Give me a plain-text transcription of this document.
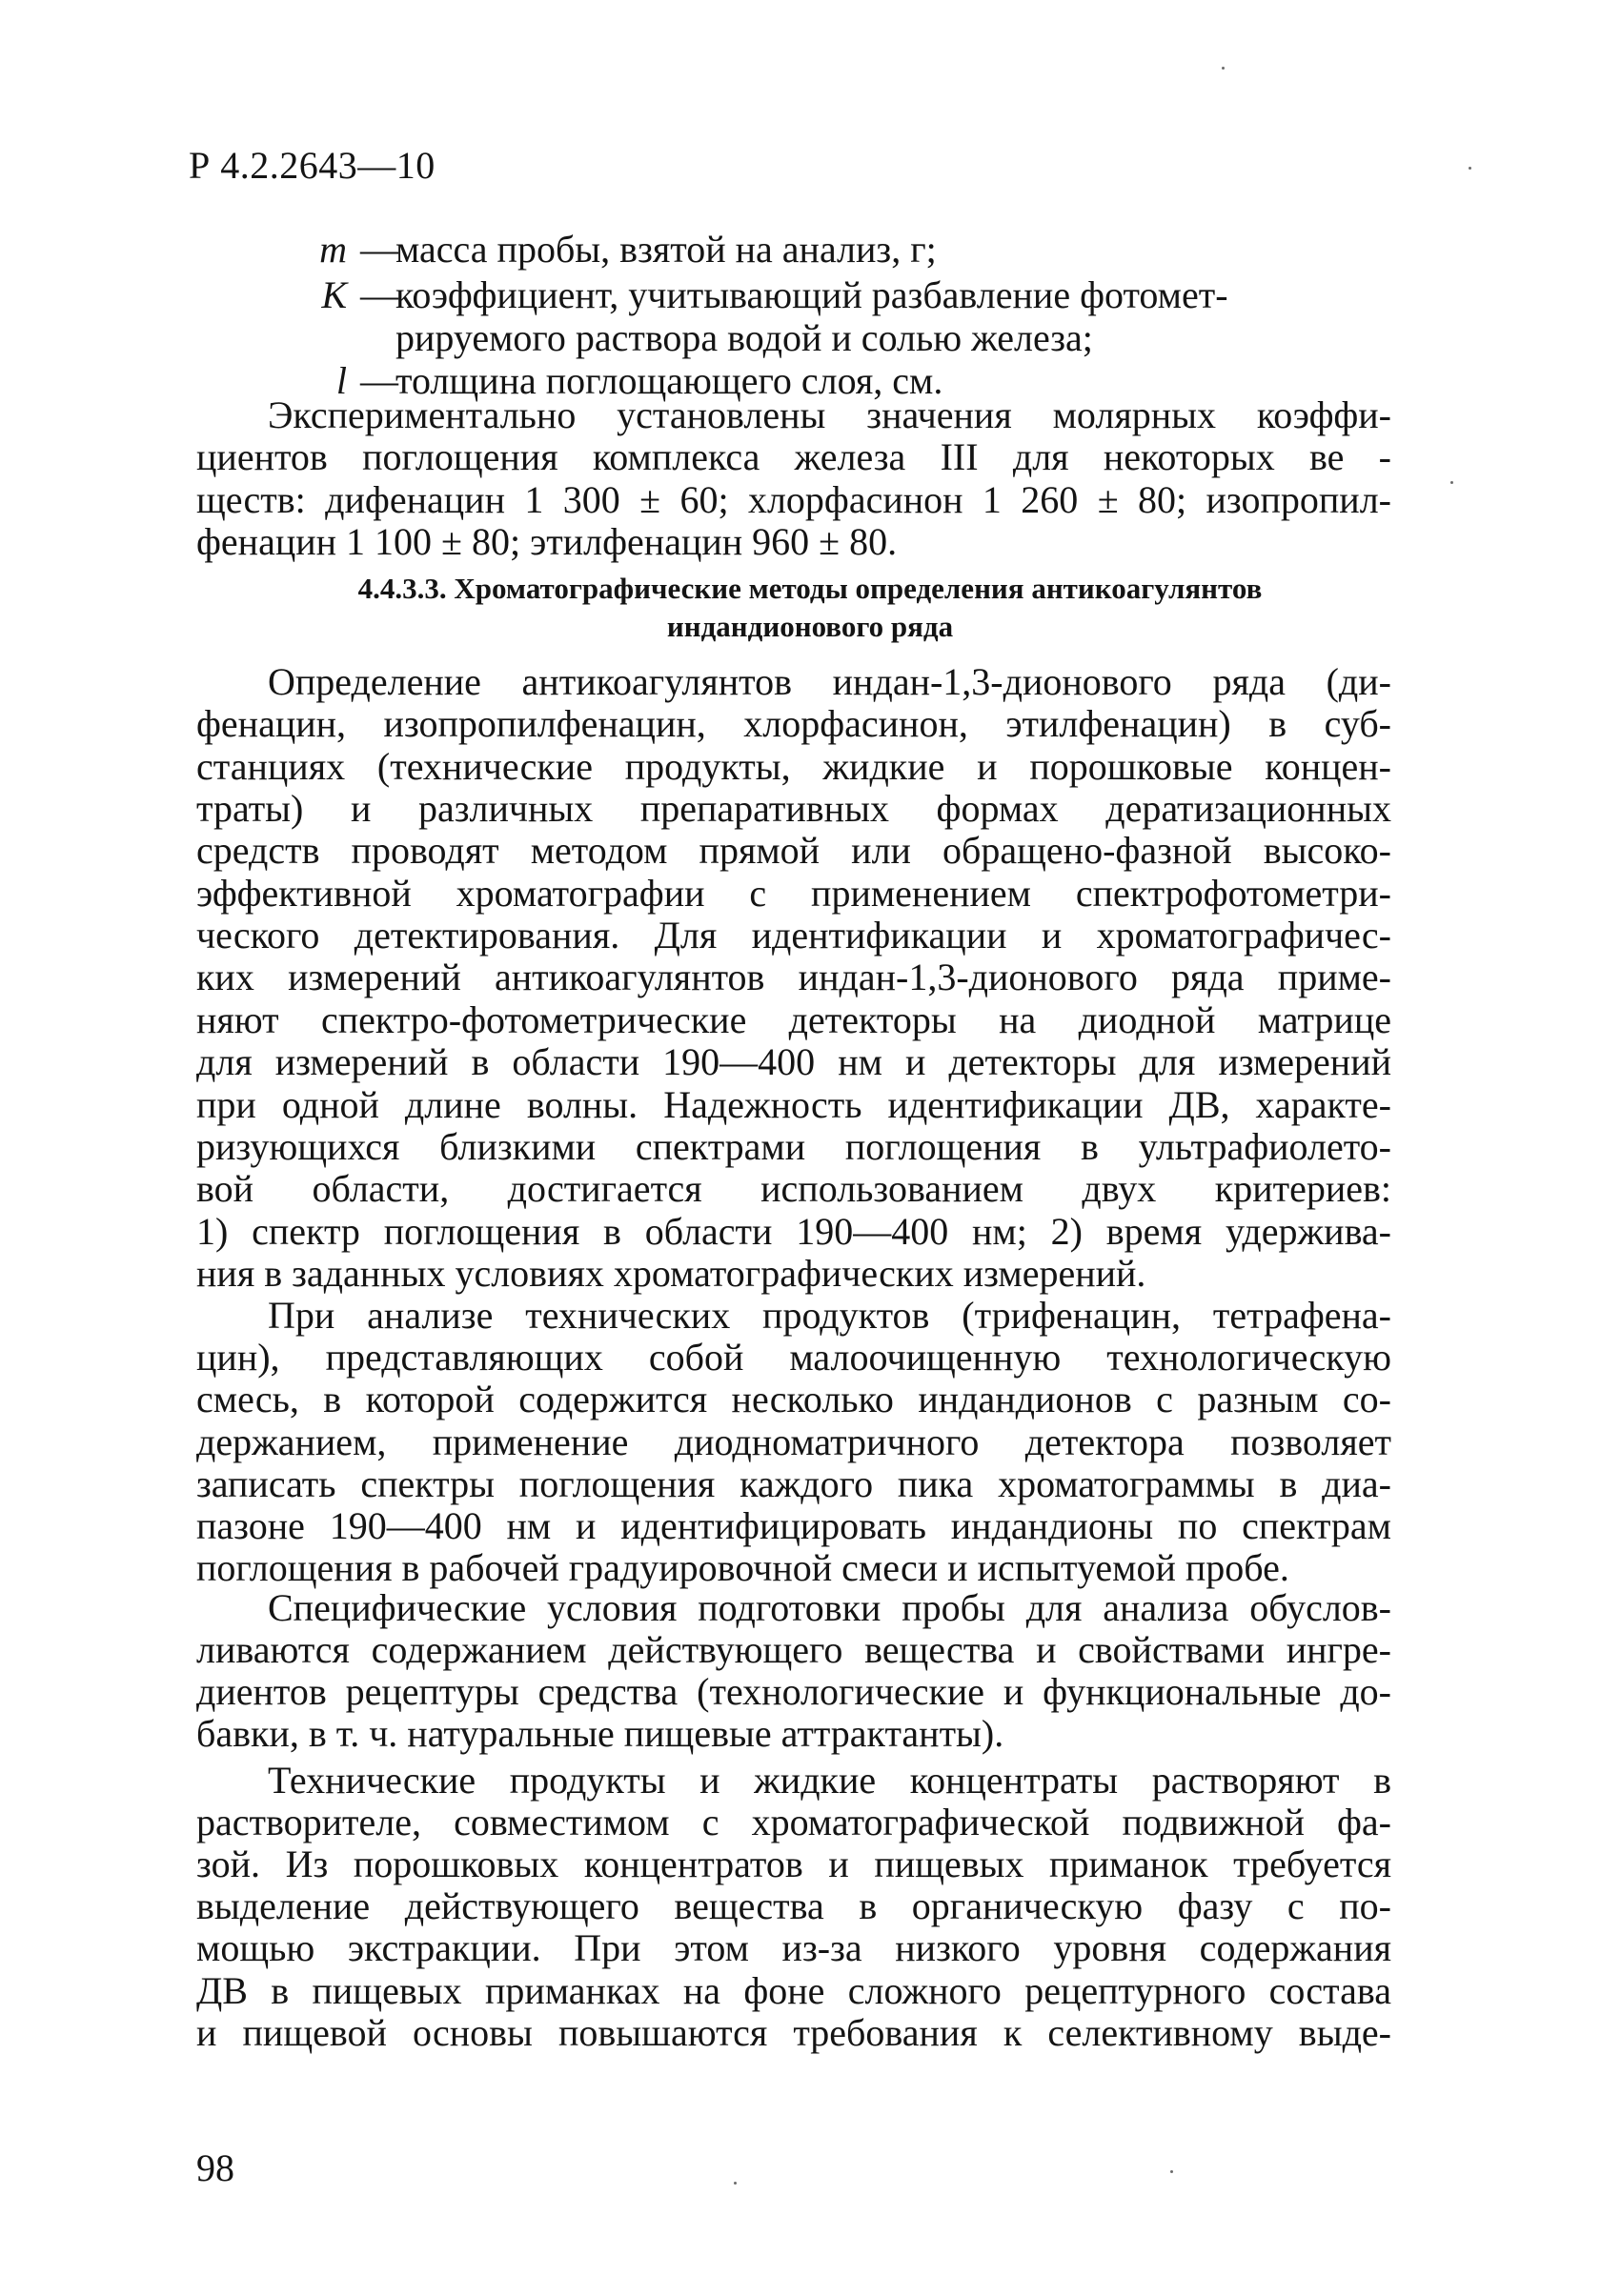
Р 4.2.2643—10
m —
масса пробы, взятой на анализ, г;
K —
коэффициент, учитывающий разбавление фотомет-
рируемого раствора водой и солью железа;
l —
толщина поглощающего слоя, см.
Экспериментально установлены значения молярных коэффи-
циентов поглощения комплекса железа III для некоторых ве -
ществ: дифенацин 1 300 ± 60; хлорфасинон 1 260 ± 80; изопропил-
фенацин 1 100 ± 80; этилфенацин 960 ± 80.
4.4.3.3. Хроматографические методы определения антикоагулянтов
индандионового ряда
Определение антикоагулянтов индан-1,3-дионового ряда (ди-
фенацин, изопропилфенацин, хлорфасинон, этилфенацин) в суб-
станциях (технические продукты, жидкие и порошковые концен-
траты) и различных препаративных формах дератизационных
средств проводят методом прямой или обращено-фазной высоко-
эффективной хроматографии с применением спектрофотометри-
ческого детектирования. Для идентификации и хроматографичес-
ких измерений антикоагулянтов индан-1,3-дионового ряда приме-
няют спектро-фотометрические детекторы на диодной матрице
для измерений в области 190—400 нм и детекторы для измерений
при одной длине волны. Надежность идентификации ДВ, характе-
ризующихся близкими спектрами поглощения в ультрафиолето-
вой области, достигается использованием двух критериев:
1) спектр поглощения в области 190—400 нм; 2) время удержива-
ния в заданных условиях хроматографических измерений.
При анализе технических продуктов (трифенацин, тетрафена-
цин), представляющих собой малоочищенную технологическую
смесь, в которой содержится несколько индандионов с разным со-
держанием, применение диодноматричного детектора позволяет
записать спектры поглощения каждого пика хроматограммы в диа-
пазоне 190—400 нм и идентифицировать индандионы по спектрам
поглощения в рабочей градуировочной смеси и испытуемой пробе.
Специфические условия подготовки пробы для анализа обуслов-
ливаются содержанием действующего вещества и свойствами ингре-
диентов рецептуры средства (технологические и функциональные до-
бавки, в т. ч. натуральные пищевые аттрактанты).
Технические продукты и жидкие концентраты растворяют в
растворителе, совместимом с хроматографической подвижной фа-
зой. Из порошковых концентратов и пищевых приманок требуется
выделение действующего вещества в органическую фазу с по-
мощью экстракции. При этом из-за низкого уровня содержания
ДВ в пищевых приманках на фоне сложного рецептурного состава
и пищевой основы повышаются требования к селективному выде-
98
